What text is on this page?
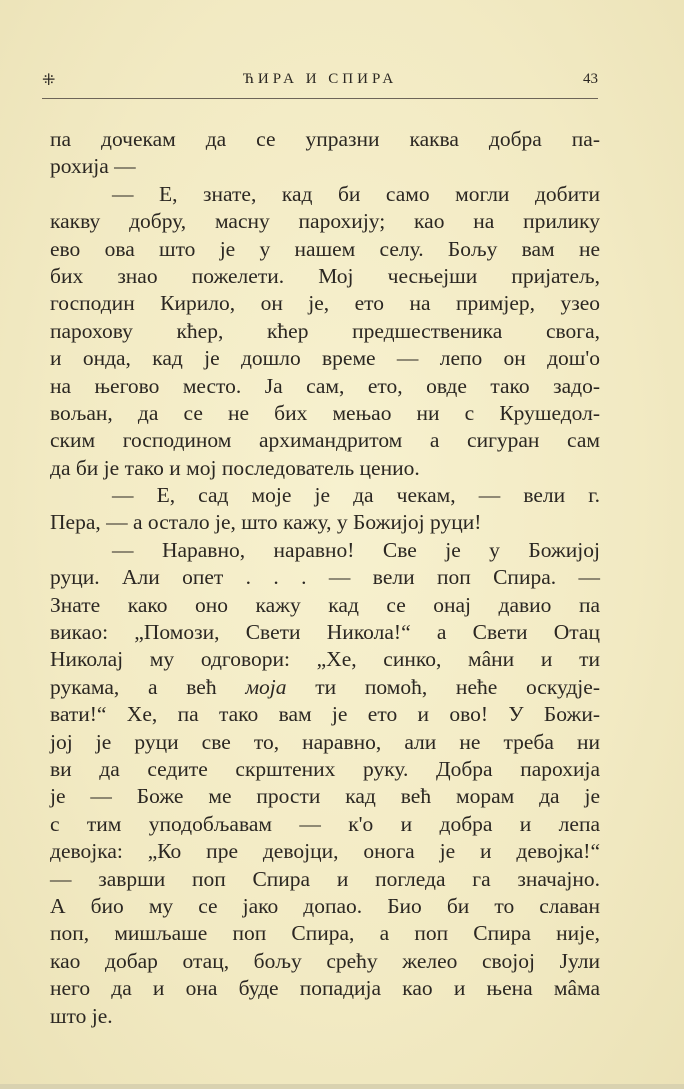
⁜	ЋИРА И СПИРА	43
па дочекам да се упразни каква добра па-
рохија —
— Е, знате, кад би само могли добити
какву добру, масну парохију; као на прилику
ево ова што је у нашем селу. Бољу вам не
бих знао пожелети. Мој чесњејши пријатељ,
господин Кирило, он је, ето на примјер, узео
парохову кћер, кћер предшественика свога,
и онда, кад је дошло време — лепо он дош'о
на његово место. Ја сам, ето, овде тако задо-
вољан, да се не бих мењао ни с Крушедол-
ским господином архимандритом а сигуран сам
да би је тако и мој последователь ценио.
— Е, сад моје је да чекам, — вели г.
Пера, — а остало је, што кажу, у Божијој руци!
— Наравно, наравно! Све је у Божијој
руци. Али опет . . . — вели поп Спира. —
Знате како оно кажу кад се онај давио па
викао: „Помози, Свети Никола!“ а Свети Отац
Николај му одговори: „Хе, синко, мâни и ти
рукама, а већ моја ти помоћ, неће оскудје-
вати!“ Хе, па тако вам је ето и ово! У Божи-
јој је руци све то, наравно, али не треба ни
ви да седите скрштених руку. Добра парохија
је — Боже ме прости кад већ морам да је
с тим уподобљавам — к'о и добра и лепа
девојка: „Ко пре девојци, онога је и девојка!“
— заврши поп Спира и погледа га значајно.
А био му се јако допао. Био би то славан
поп, мишљаше поп Спира, а поп Спира није,
као добар отац, бољу срећу желео својој Јули
него да и она буде попадија као и њена мâма
што је.
